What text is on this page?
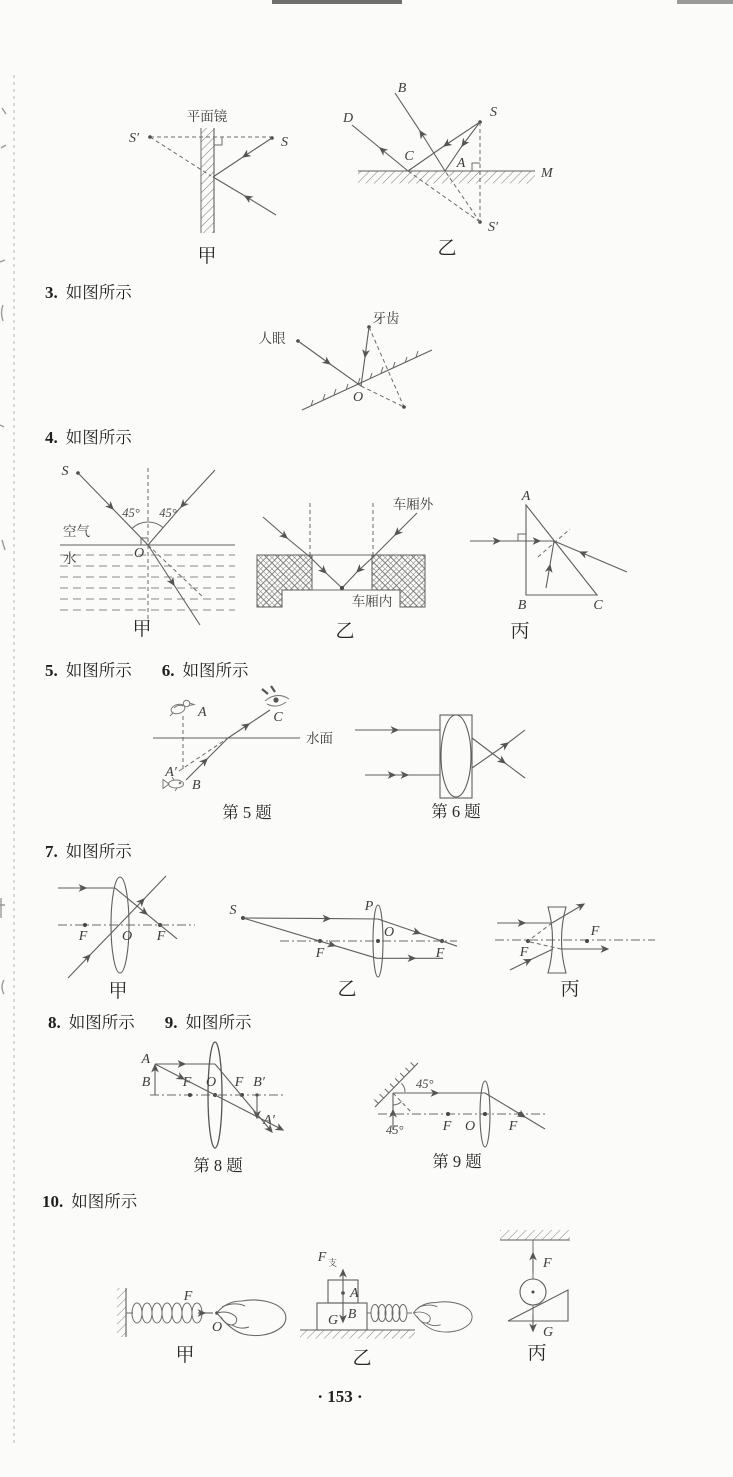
平面镜
S′	S
甲
B
D	S
C	A
M
S′
乙
3. 如图所示
人眼
牙齿
O
4. 如图所示
S
空气
水	O
45° 45°
甲
车厢外
车厢内
乙
A
B	C
丙
5. 如图所示 6. 如图所示
A
水面
A′
B
C
第 5 题	第 6 题
7. 如图所示
F O F
甲
S	P
F
O
F
乙
F
F
丙
8. 如图所示 9. 如图所示
A
B F O F B′
A′
第 8 题
45°
45°	F O F
第 9 题
10. 如图所示
F
O
甲
F 支
A
G B
乙
F
G
丙
· 153 ·
